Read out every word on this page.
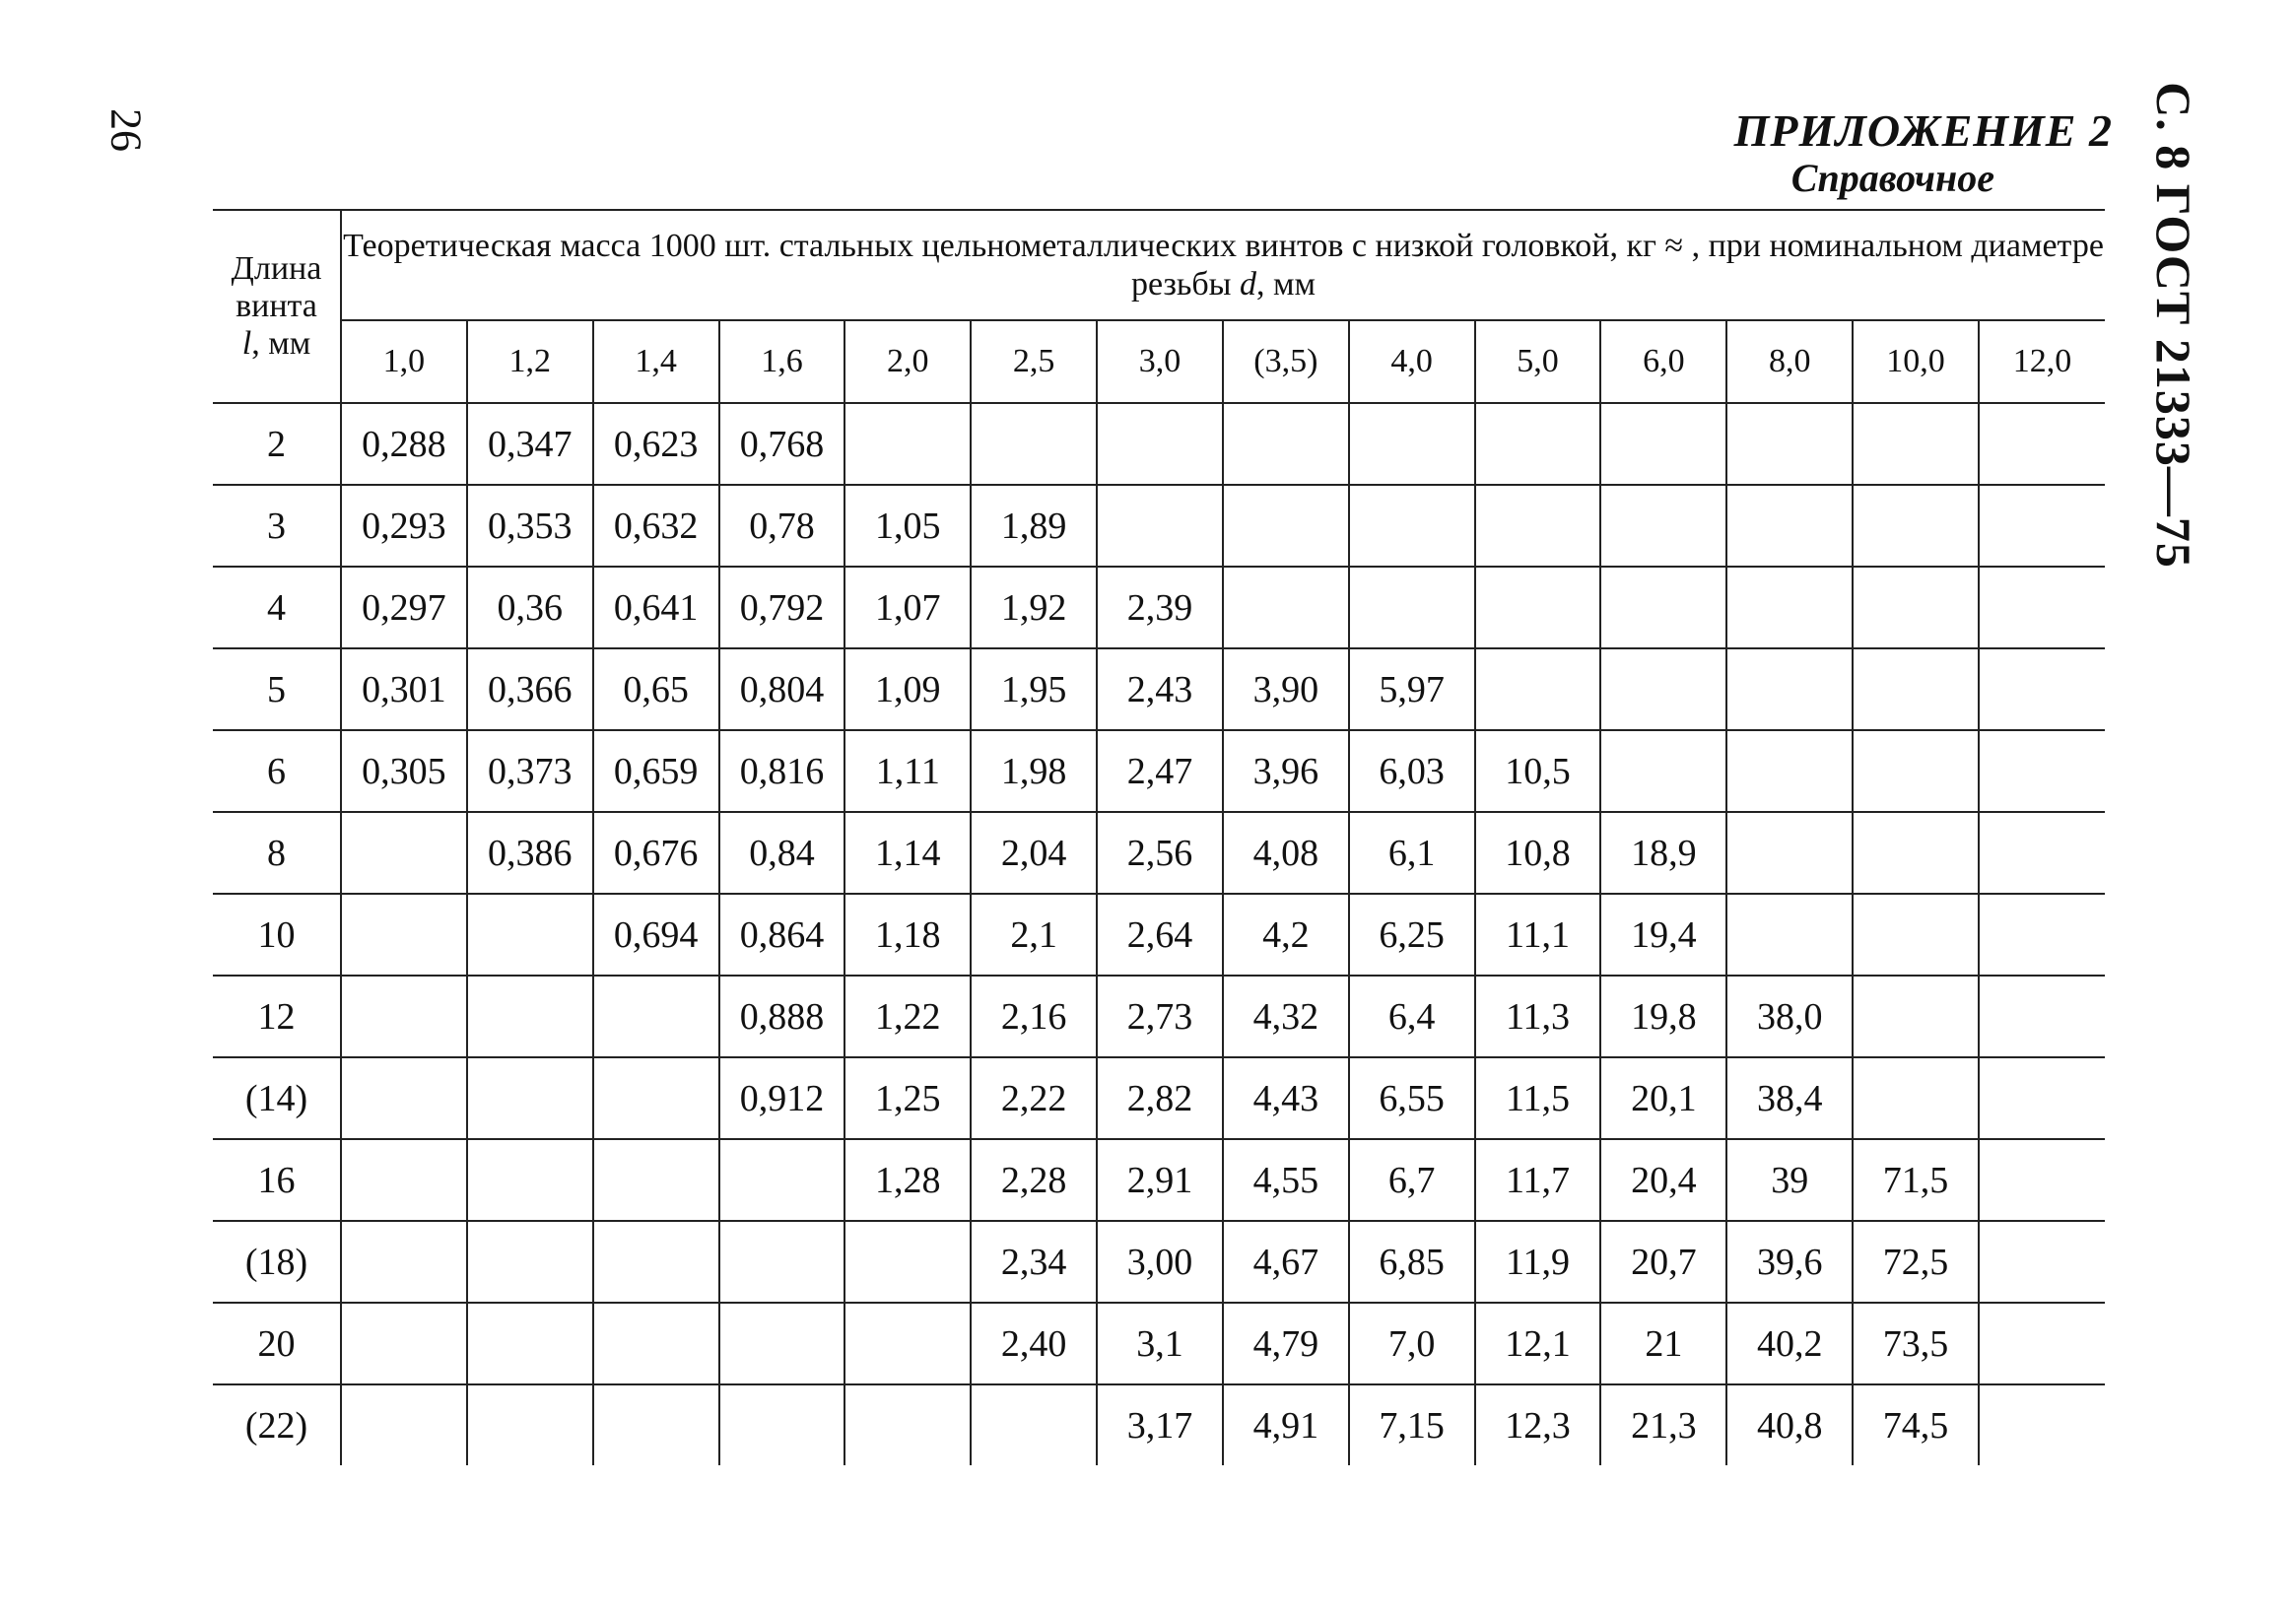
26	С. 8 ГОСТ 21333—75
ПРИЛОЖЕНИЕ 2
Справочное
Длина
винта
l, мм	Теоретическая масса 1000 шт. стальных цельнометаллических винтов с низкой головкой, кг ≈ , при номинальном диаметре резьбы d, мм													
	1,0	1,2	1,4	1,6	2,0	2,5	3,0	(3,5)	4,0	5,0	6,0	8,0	10,0	12,0
2	0,288	0,347	0,623	0,768										
3	0,293	0,353	0,632	0,78	1,05	1,89								
4	0,297	0,36	0,641	0,792	1,07	1,92	2,39							
5	0,301	0,366	0,65	0,804	1,09	1,95	2,43	3,90	5,97					
6	0,305	0,373	0,659	0,816	1,11	1,98	2,47	3,96	6,03	10,5				
8		0,386	0,676	0,84	1,14	2,04	2,56	4,08	6,1	10,8	18,9			
10			0,694	0,864	1,18	2,1	2,64	4,2	6,25	11,1	19,4			
12				0,888	1,22	2,16	2,73	4,32	6,4	11,3	19,8	38,0		
(14)				0,912	1,25	2,22	2,82	4,43	6,55	11,5	20,1	38,4		
16					1,28	2,28	2,91	4,55	6,7	11,7	20,4	39	71,5	
(18)						2,34	3,00	4,67	6,85	11,9	20,7	39,6	72,5	
20						2,40	3,1	4,79	7,0	12,1	21	40,2	73,5	
(22)							3,17	4,91	7,15	12,3	21,3	40,8	74,5	
